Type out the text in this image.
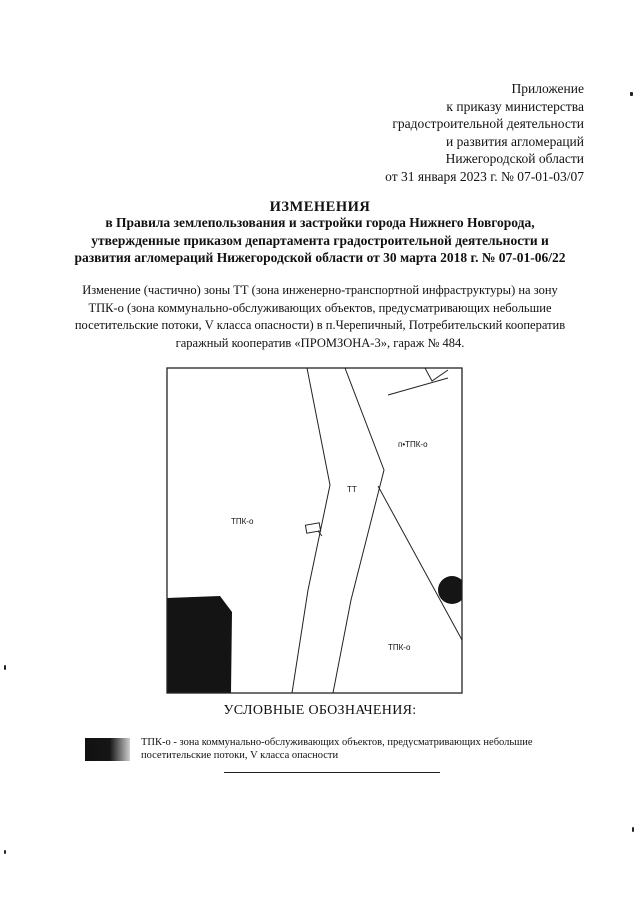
Приложение
к приказу министерства
градостроительной деятельности
и развития агломераций
Нижегородской области
от 31 января 2023 г. № 07-01-03/07
ИЗМЕНЕНИЯ
в Правила землепользования и застройки города Нижнего Новгорода,
утвержденные приказом департамента градостроительной деятельности и
развития агломераций Нижегородской области от 30 марта 2018 г. № 07-01-06/22
Изменение (частично) зоны ТТ (зона инженерно-транспортной инфраструктуры) на зону
ТПК-о (зона коммунально-обслуживающих объектов, предусматривающих небольшие
посетительские потоки, V класса опасности) в п.Черепичный, Потребительский кооператив
гаражный кооператив «ПРОМЗОНА-3», гараж № 484.
ТПК-о
ТТ
п•ТПК-о
ТПК-о
УСЛОВНЫЕ ОБОЗНАЧЕНИЯ:
ТПК-о - зона коммунально-обслуживающих объектов, предусматривающих небольшие
посетительские потоки, V класса опасности
